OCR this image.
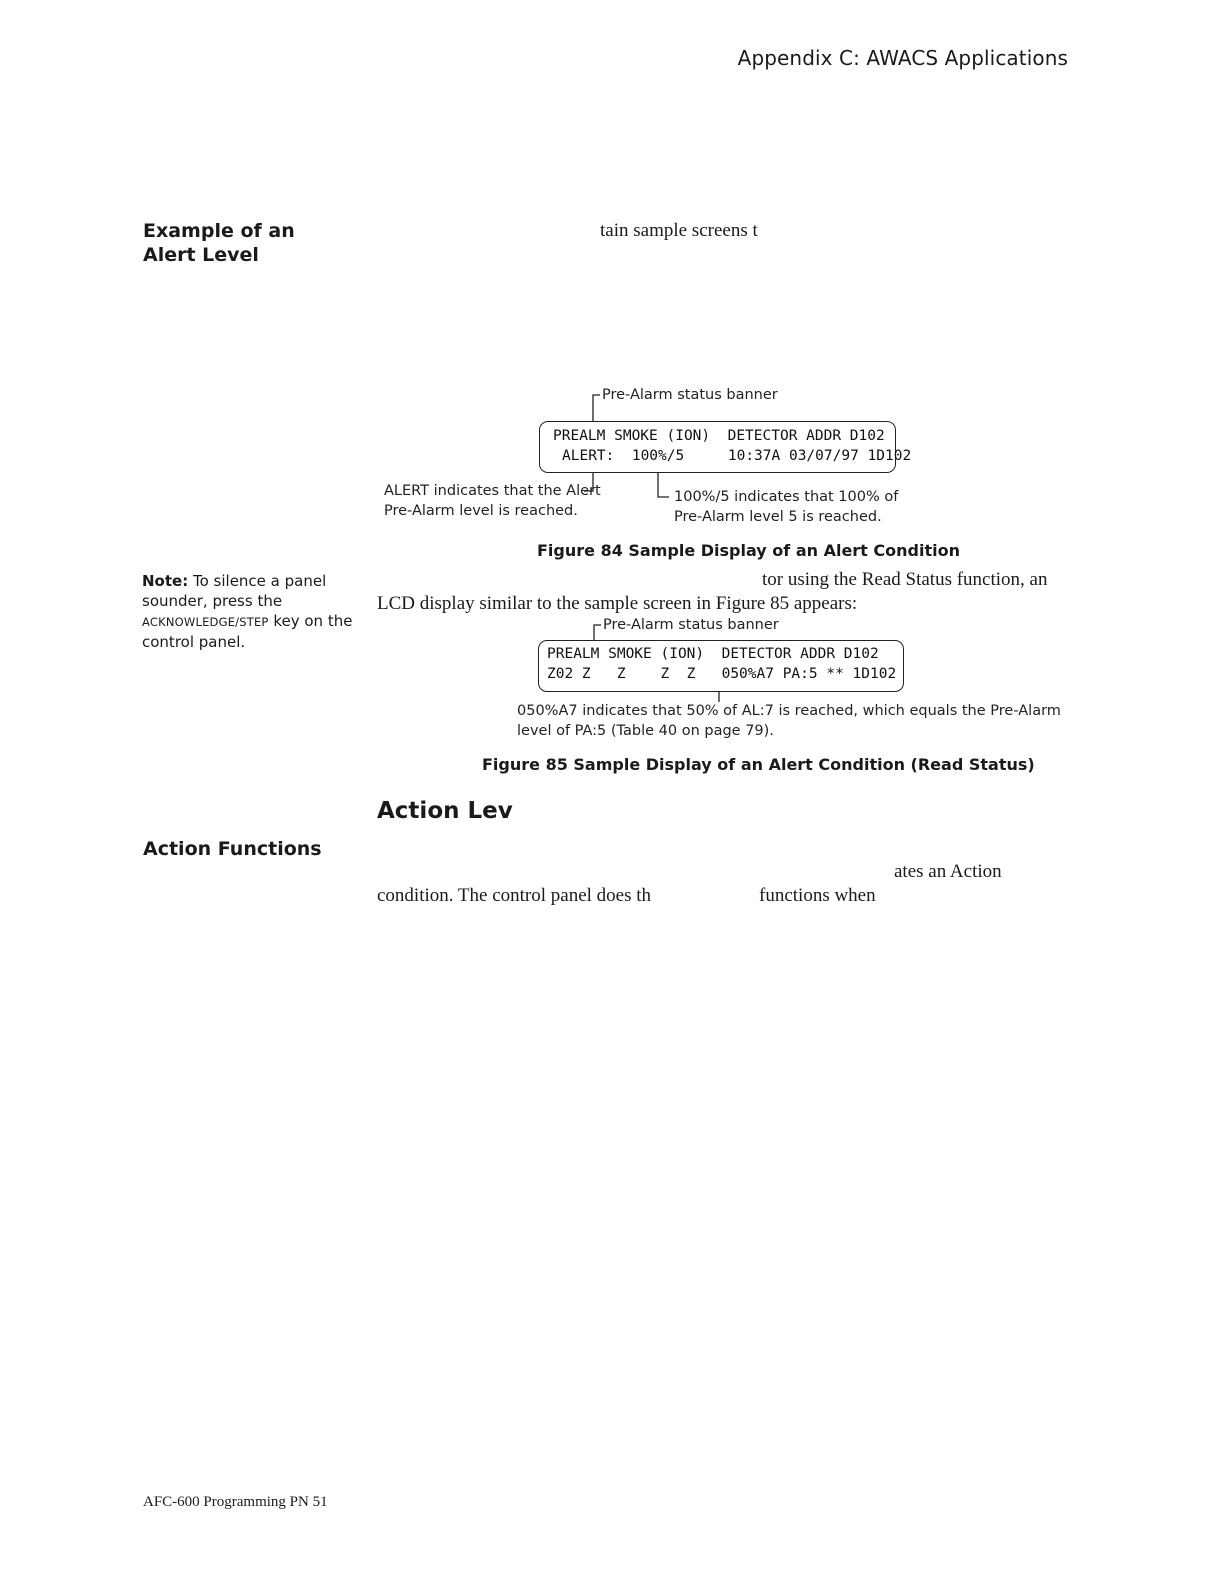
Appendix C: AWACS Applications
Example of an Alert Level
tain sample screens t
Pre-Alarm status banner
PREALM SMOKE (ION)  DETECTOR ADDR D102
ALERT:  100%/5     10:37A 03/07/97 1D102
ALERT indicates that the Alert
Pre-Alarm level is reached.
100%/5 indicates that 100% of
Pre-Alarm level 5 is reached.
Figure 84 Sample Display of an Alert Condition
Note: To silence a panel sounder, press the ACKNOWLEDGE/STEP key on the control panel.
tor using the Read Status function, an
LCD display similar to the sample screen in Figure 85 appears:
Pre-Alarm status banner
PREALM SMOKE (ION)  DETECTOR ADDR D102
Z02 Z   Z    Z  Z   050%A7 PA:5 ** 1D102
050%A7 indicates that 50% of AL:7 is reached, which equals the Pre-Alarm
level of PA:5 (Table 40 on page 79).
Figure 85 Sample Display of an Alert Condition (Read Status)
Action Lev
Action Functions
ates an Action
condition. The control panel does th	functions when
AFC-600 Programming PN 51
